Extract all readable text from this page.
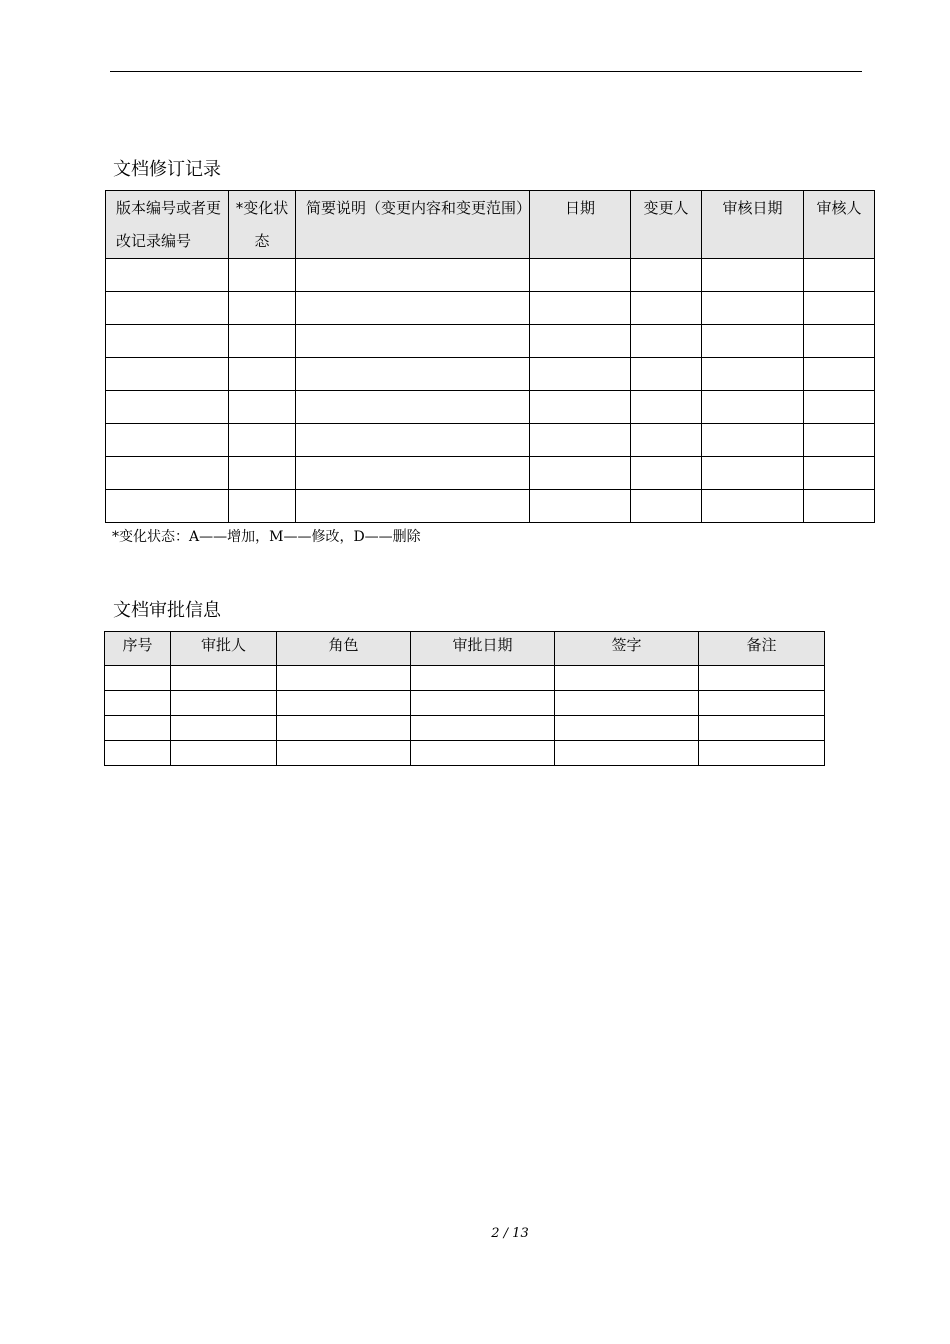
文档修订记录
版本编号或者更改记录编号	*变化状态	简要说明（变更内容和变更范围）	日期	变更人	审核日期	审核人

*变化状态：A——增加，M——修改，D——删除
文档审批信息
序号	审批人	角色	审批日期	签字	备注

2 / 13
